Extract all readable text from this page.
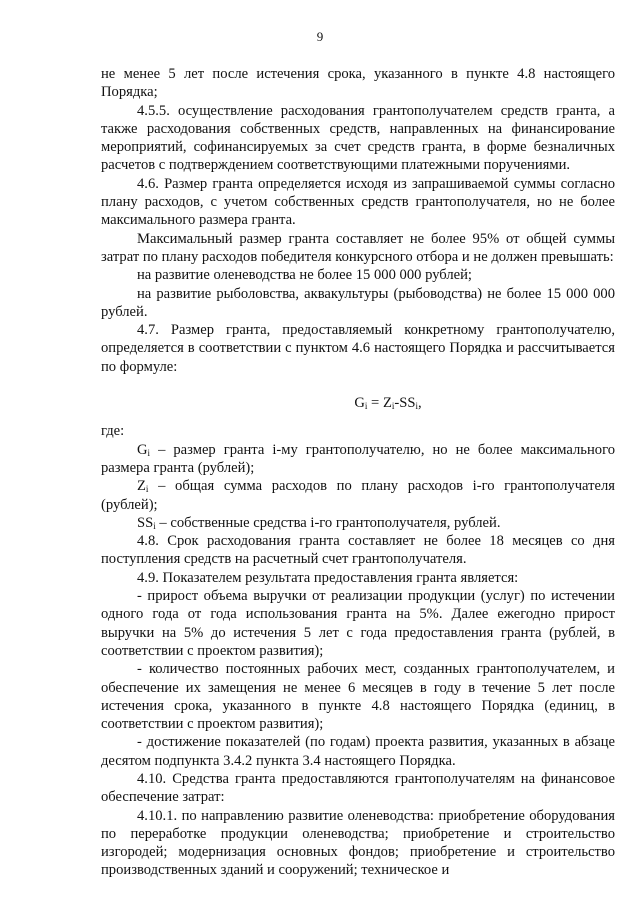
9

не менее 5 лет после истечения срока, указанного в пункте 4.8 настоящего Порядка;

4.5.5. осуществление расходования грантополучателем средств гранта, а также расходования собственных средств, направленных на финансирование мероприятий, софинансируемых за счет средств гранта, в форме безналичных расчетов с подтверждением соответствующими платежными поручениями.

4.6. Размер гранта определяется исходя из запрашиваемой суммы согласно плану расходов, с учетом собственных средств грантополучателя, но не более максимального размера гранта.

Максимальный размер гранта составляет не более 95% от общей суммы затрат по плану расходов победителя конкурсного отбора и не должен превышать:

на развитие оленеводства не более 15 000 000 рублей;

на развитие рыболовства, аквакультуры (рыбоводства) не более 15 000 000 рублей.

4.7. Размер гранта, предоставляемый конкретному грантополучателю, определяется в соответствии с пунктом 4.6 настоящего Порядка и рассчитывается по формуле:

$G_i = Z_i-SS_i$,

где:

$G_i$ – размер гранта i-му грантополучателю, но не более максимального размера гранта (рублей);

$Z_i$ – общая сумма расходов по плану расходов i-го грантополучателя (рублей);

$SS_i$ – собственные средства i-го грантополучателя, рублей.

4.8. Срок расходования гранта составляет не более 18 месяцев со дня поступления средств на расчетный счет грантополучателя.

4.9. Показателем результата предоставления гранта является:

- прирост объема выручки от реализации продукции (услуг) по истечении одного года от года использования гранта на 5%. Далее ежегодно прирост выручки на 5% до истечения 5 лет с года предоставления гранта (рублей, в соответствии с проектом развития);

- количество постоянных рабочих мест, созданных грантополучателем, и обеспечение их замещения не менее 6 месяцев в году в течение 5 лет после истечения срока, указанного в пункте 4.8 настоящего Порядка (единиц, в соответствии с проектом развития);

- достижение показателей (по годам) проекта развития, указанных в абзаце десятом подпункта 3.4.2 пункта 3.4 настоящего Порядка.

4.10. Средства гранта предоставляются грантополучателям на финансовое обеспечение затрат:

4.10.1. по направлению развитие оленеводства: приобретение оборудования по переработке продукции оленеводства; приобретение и строительство изгородей; модернизация основных фондов; приобретение и строительство производственных зданий и сооружений; техническое и
